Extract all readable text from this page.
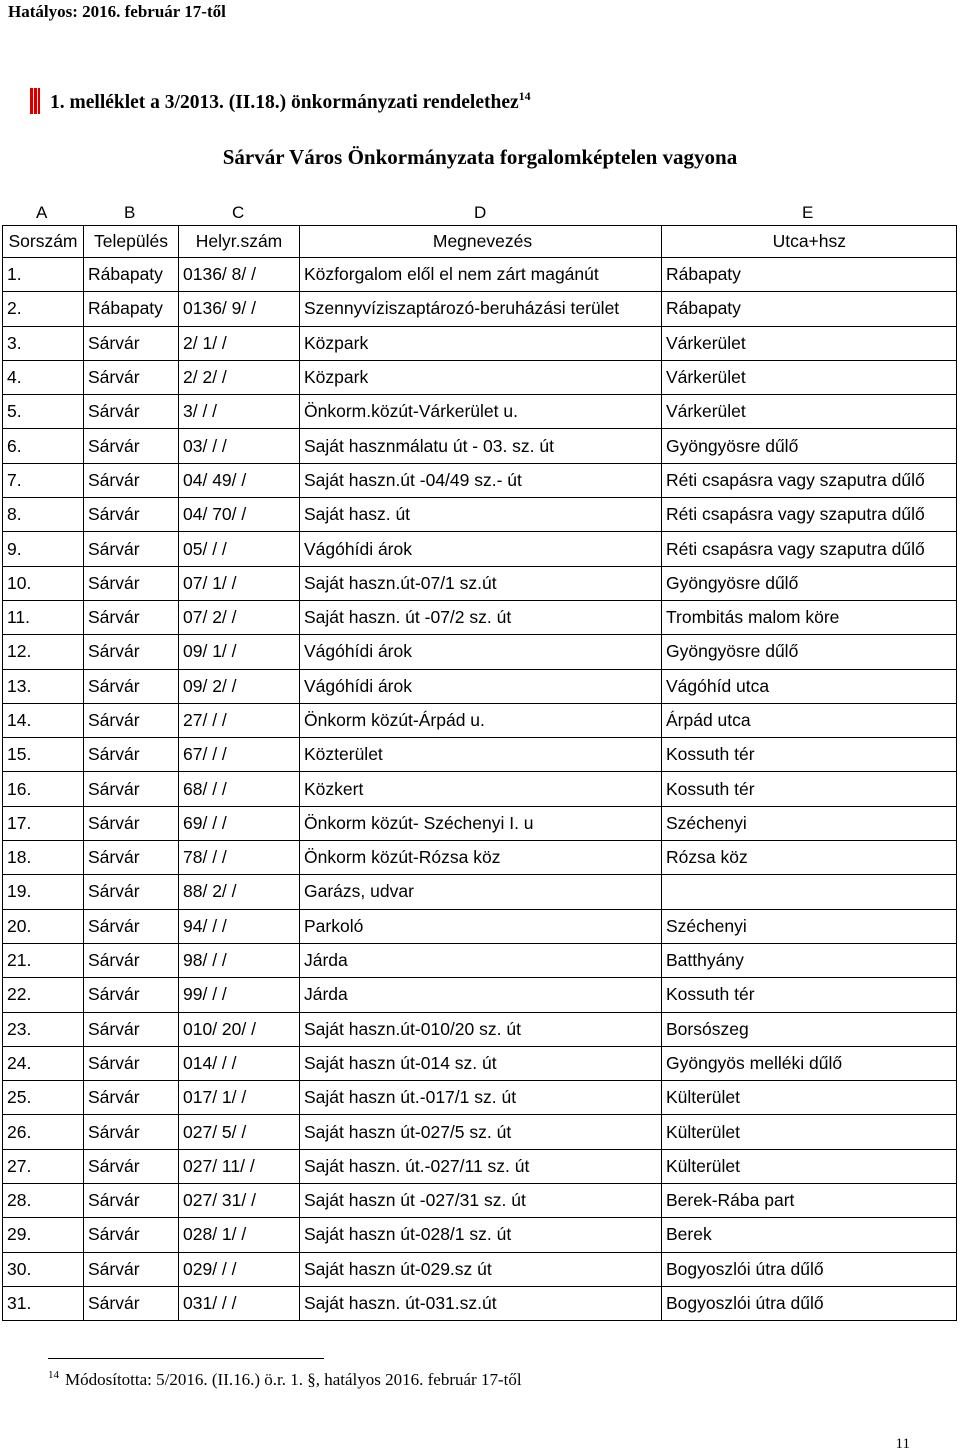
Hatályos: 2016. február 17-től
1. melléklet a 3/2013. (II.18.) önkormányzati rendelethez$^{14}$
Sárvár Város Önkormányzata forgalomképtelen vagyona
A	B	C	D	E
Sorszám	Település	Helyr.szám	Megnevezés	Utca+hsz
1.	Rábapaty	0136/ 8/ /	Közforgalom elől el nem zárt magánút	Rábapaty
2.	Rábapaty	0136/ 9/ /	Szennyvíziszaptározó-beruházási terület	Rábapaty
3.	Sárvár	2/ 1/ /	Közpark	Várkerület
4.	Sárvár	2/ 2/ /	Közpark	Várkerület
5.	Sárvár	3/ / /	Önkorm.közút-Várkerület u.	Várkerület
6.	Sárvár	03/ / /	Saját hasznmálatu út - 03. sz. út	Gyöngyösre dűlő
7.	Sárvár	04/ 49/ /	Saját haszn.út -04/49 sz.- út	Réti csapásra vagy szaputra dűlő
8.	Sárvár	04/ 70/ /	Saját hasz. út	Réti csapásra vagy szaputra dűlő
9.	Sárvár	05/ / /	Vágóhídi árok	Réti csapásra vagy szaputra dűlő
10.	Sárvár	07/ 1/ /	Saját haszn.út-07/1 sz.út	Gyöngyösre dűlő
11.	Sárvár	07/ 2/ /	Saját haszn. út -07/2 sz. út	Trombitás malom köre
12.	Sárvár	09/ 1/ /	Vágóhídi árok	Gyöngyösre dűlő
13.	Sárvár	09/ 2/ /	Vágóhídi árok	Vágóhíd utca
14.	Sárvár	27/ / /	Önkorm közút-Árpád u.	Árpád utca
15.	Sárvár	67/ / /	Közterület	Kossuth tér
16.	Sárvár	68/ / /	Közkert	Kossuth tér
17.	Sárvár	69/ / /	Önkorm közút- Széchenyi I. u	Széchenyi
18.	Sárvár	78/ / /	Önkorm közút-Rózsa köz	Rózsa köz
19.	Sárvár	88/ 2/ /	Garázs, udvar	
20.	Sárvár	94/ / /	Parkoló	Széchenyi
21.	Sárvár	98/ / /	Járda	Batthyány
22.	Sárvár	99/ / /	Járda	Kossuth tér
23.	Sárvár	010/ 20/ /	Saját haszn.út-010/20 sz. út	Borsószeg
24.	Sárvár	014/ / /	Saját haszn út-014 sz. út	Gyöngyös melléki dűlő
25.	Sárvár	017/ 1/ /	Saját haszn út.-017/1 sz. út	Külterület
26.	Sárvár	027/ 5/ /	Saját haszn út-027/5 sz. út	Külterület
27.	Sárvár	027/ 11/ /	Saját haszn. út.-027/11 sz. út	Külterület
28.	Sárvár	027/ 31/ /	Saját haszn út -027/31 sz. út	Berek-Rába part
29.	Sárvár	028/ 1/ /	Saját haszn út-028/1 sz. út	Berek
30.	Sárvár	029/ / /	Saját haszn út-029.sz út	Bogyoszlói útra dűlő
31.	Sárvár	031/ / /	Saját haszn. út-031.sz.út	Bogyoszlói útra dűlő
$^{14}$ Módosította: 5/2016. (II.16.) ö.r. 1. §, hatályos 2016. február 17-től
11
